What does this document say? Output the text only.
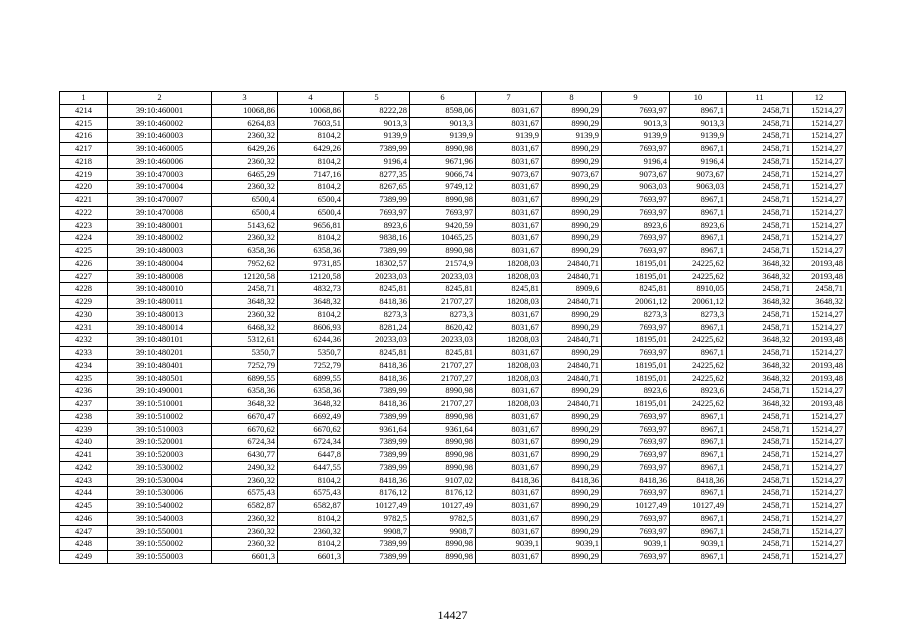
1	2	3	4	5	6	7	8	9	10	11	12
4214	39:10:460001	10068,86	10068,86	8222,28	8598,06	8031,67	8990,29	7693,97	8967,1	2458,71	15214,27
4215	39:10:460002	6264,83	7603,51	9013,3	9013,3	8031,67	8990,29	9013,3	9013,3	2458,71	15214,27
4216	39:10:460003	2360,32	8104,2	9139,9	9139,9	9139,9	9139,9	9139,9	9139,9	2458,71	15214,27
4217	39:10:460005	6429,26	6429,26	7389,99	8990,98	8031,67	8990,29	7693,97	8967,1	2458,71	15214,27
4218	39:10:460006	2360,32	8104,2	9196,4	9671,96	8031,67	8990,29	9196,4	9196,4	2458,71	15214,27
4219	39:10:470003	6465,29	7147,16	8277,35	9066,74	9073,67	9073,67	9073,67	9073,67	2458,71	15214,27
4220	39:10:470004	2360,32	8104,2	8267,65	9749,12	8031,67	8990,29	9063,03	9063,03	2458,71	15214,27
4221	39:10:470007	6500,4	6500,4	7389,99	8990,98	8031,67	8990,29	7693,97	8967,1	2458,71	15214,27
4222	39:10:470008	6500,4	6500,4	7693,97	7693,97	8031,67	8990,29	7693,97	8967,1	2458,71	15214,27
4223	39:10:480001	5143,62	9656,81	8923,6	9420,59	8031,67	8990,29	8923,6	8923,6	2458,71	15214,27
4224	39:10:480002	2360,32	8104,2	9838,16	10465,25	8031,67	8990,29	7693,97	8967,1	2458,71	15214,27
4225	39:10:480003	6358,36	6358,36	7389,99	8990,98	8031,67	8990,29	7693,97	8967,1	2458,71	15214,27
4226	39:10:480004	7952,62	9731,85	18302,57	21574,9	18208,03	24840,71	18195,01	24225,62	3648,32	20193,48
4227	39:10:480008	12120,58	12120,58	20233,03	20233,03	18208,03	24840,71	18195,01	24225,62	3648,32	20193,48
4228	39:10:480010	2458,71	4832,73	8245,81	8245,81	8245,81	8909,6	8245,81	8910,05	2458,71	2458,71
4229	39:10:480011	3648,32	3648,32	8418,36	21707,27	18208,03	24840,71	20061,12	20061,12	3648,32	3648,32
4230	39:10:480013	2360,32	8104,2	8273,3	8273,3	8031,67	8990,29	8273,3	8273,3	2458,71	15214,27
4231	39:10:480014	6468,32	8606,93	8281,24	8620,42	8031,67	8990,29	7693,97	8967,1	2458,71	15214,27
4232	39:10:480101	5312,61	6244,36	20233,03	20233,03	18208,03	24840,71	18195,01	24225,62	3648,32	20193,48
4233	39:10:480201	5350,7	5350,7	8245,81	8245,81	8031,67	8990,29	7693,97	8967,1	2458,71	15214,27
4234	39:10:480401	7252,79	7252,79	8418,36	21707,27	18208,03	24840,71	18195,01	24225,62	3648,32	20193,48
4235	39:10:480501	6899,55	6899,55	8418,36	21707,27	18208,03	24840,71	18195,01	24225,62	3648,32	20193,48
4236	39:10:490001	6358,36	6358,36	7389,99	8990,98	8031,67	8990,29	8923,6	8923,6	2458,71	15214,27
4237	39:10:510001	3648,32	3648,32	8418,36	21707,27	18208,03	24840,71	18195,01	24225,62	3648,32	20193,48
4238	39:10:510002	6670,47	6692,49	7389,99	8990,98	8031,67	8990,29	7693,97	8967,1	2458,71	15214,27
4239	39:10:510003	6670,62	6670,62	9361,64	9361,64	8031,67	8990,29	7693,97	8967,1	2458,71	15214,27
4240	39:10:520001	6724,34	6724,34	7389,99	8990,98	8031,67	8990,29	7693,97	8967,1	2458,71	15214,27
4241	39:10:520003	6430,77	6447,8	7389,99	8990,98	8031,67	8990,29	7693,97	8967,1	2458,71	15214,27
4242	39:10:530002	2490,32	6447,55	7389,99	8990,98	8031,67	8990,29	7693,97	8967,1	2458,71	15214,27
4243	39:10:530004	2360,32	8104,2	8418,36	9107,02	8418,36	8418,36	8418,36	8418,36	2458,71	15214,27
4244	39:10:530006	6575,43	6575,43	8176,12	8176,12	8031,67	8990,29	7693,97	8967,1	2458,71	15214,27
4245	39:10:540002	6582,87	6582,87	10127,49	10127,49	8031,67	8990,29	10127,49	10127,49	2458,71	15214,27
4246	39:10:540003	2360,32	8104,2	9782,5	9782,5	8031,67	8990,29	7693,97	8967,1	2458,71	15214,27
4247	39:10:550001	2360,32	2360,32	9908,7	9908,7	8031,67	8990,29	7693,97	8967,1	2458,71	15214,27
4248	39:10:550002	2360,32	8104,2	7389,99	8990,98	9039,1	9039,1	9039,1	9039,1	2458,71	15214,27
4249	39:10:550003	6601,3	6601,3	7389,99	8990,98	8031,67	8990,29	7693,97	8967,1	2458,71	15214,27
14427
